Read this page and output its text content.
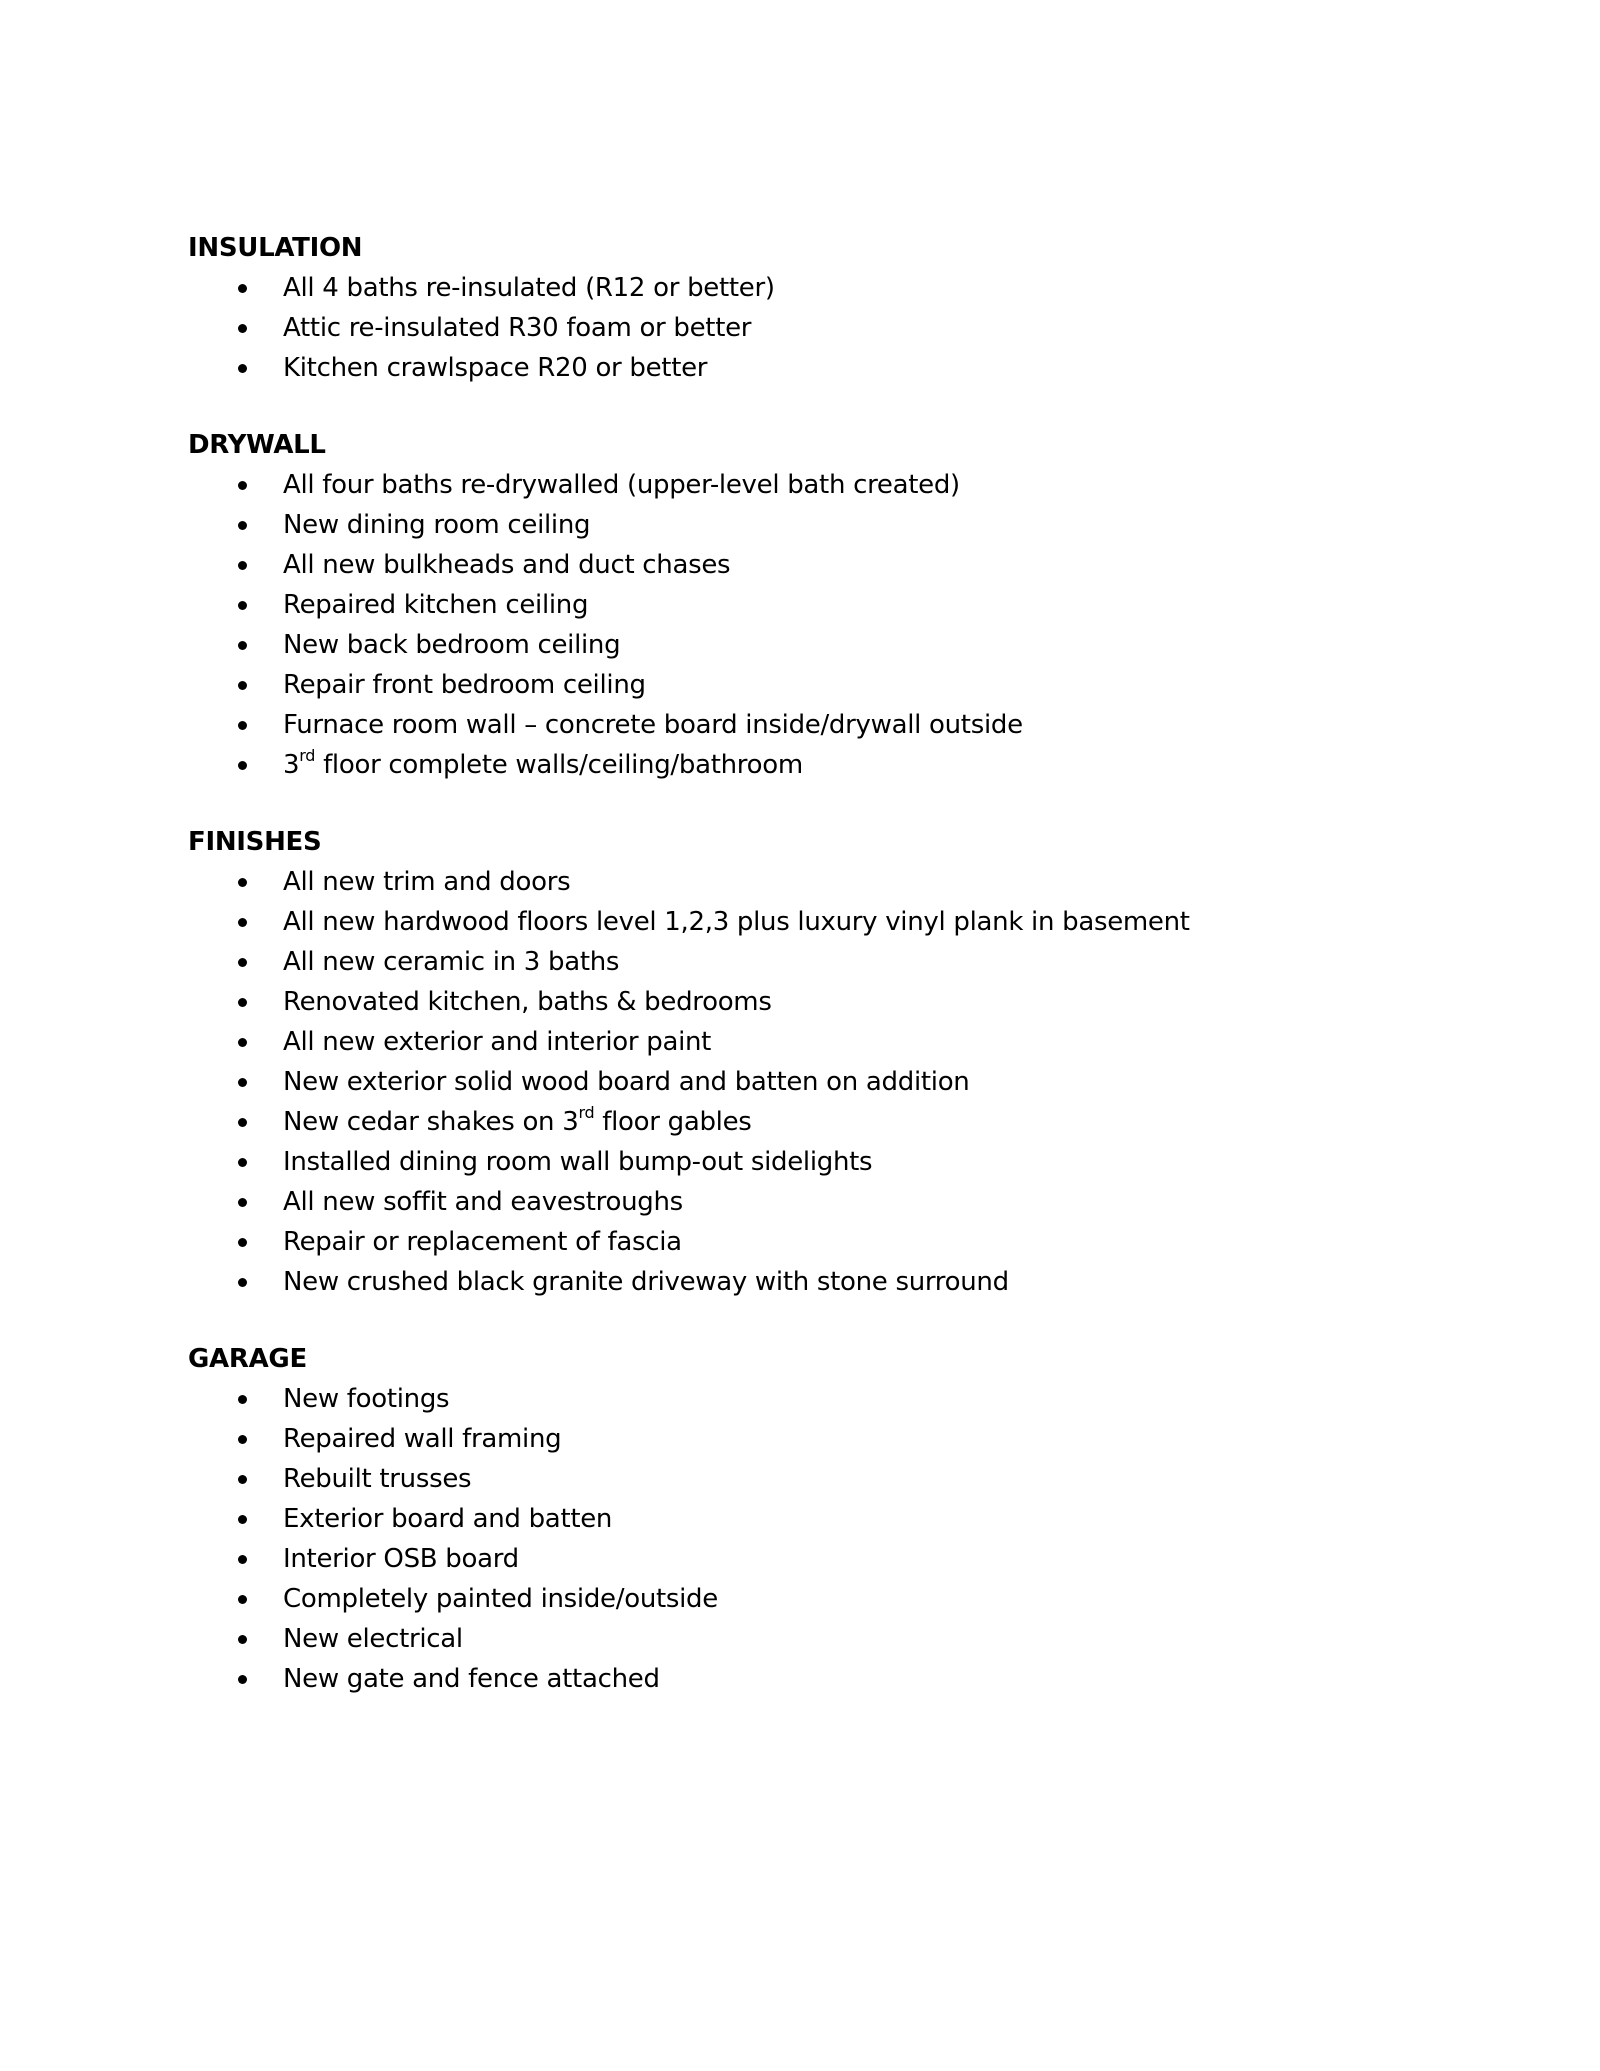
INSULATION
All 4 baths re-insulated (R12 or better)
Attic re-insulated R30 foam or better
Kitchen crawlspace R20 or better
DRYWALL
All four baths re-drywalled (upper-level bath created)
New dining room ceiling
All new bulkheads and duct chases
Repaired kitchen ceiling
New back bedroom ceiling
Repair front bedroom ceiling
Furnace room wall – concrete board inside/drywall outside
3rd floor complete walls/ceiling/bathroom
FINISHES
All new trim and doors
All new hardwood floors level 1,2,3 plus luxury vinyl plank in basement
All new ceramic in 3 baths
Renovated kitchen, baths & bedrooms
All new exterior and interior paint
New exterior solid wood board and batten on addition
New cedar shakes on 3rd floor gables
Installed dining room wall bump-out sidelights
All new soffit and eavestroughs
Repair or replacement of fascia
New crushed black granite driveway with stone surround
GARAGE
New footings
Repaired wall framing
Rebuilt trusses
Exterior board and batten
Interior OSB board
Completely painted inside/outside
New electrical
New gate and fence attached
